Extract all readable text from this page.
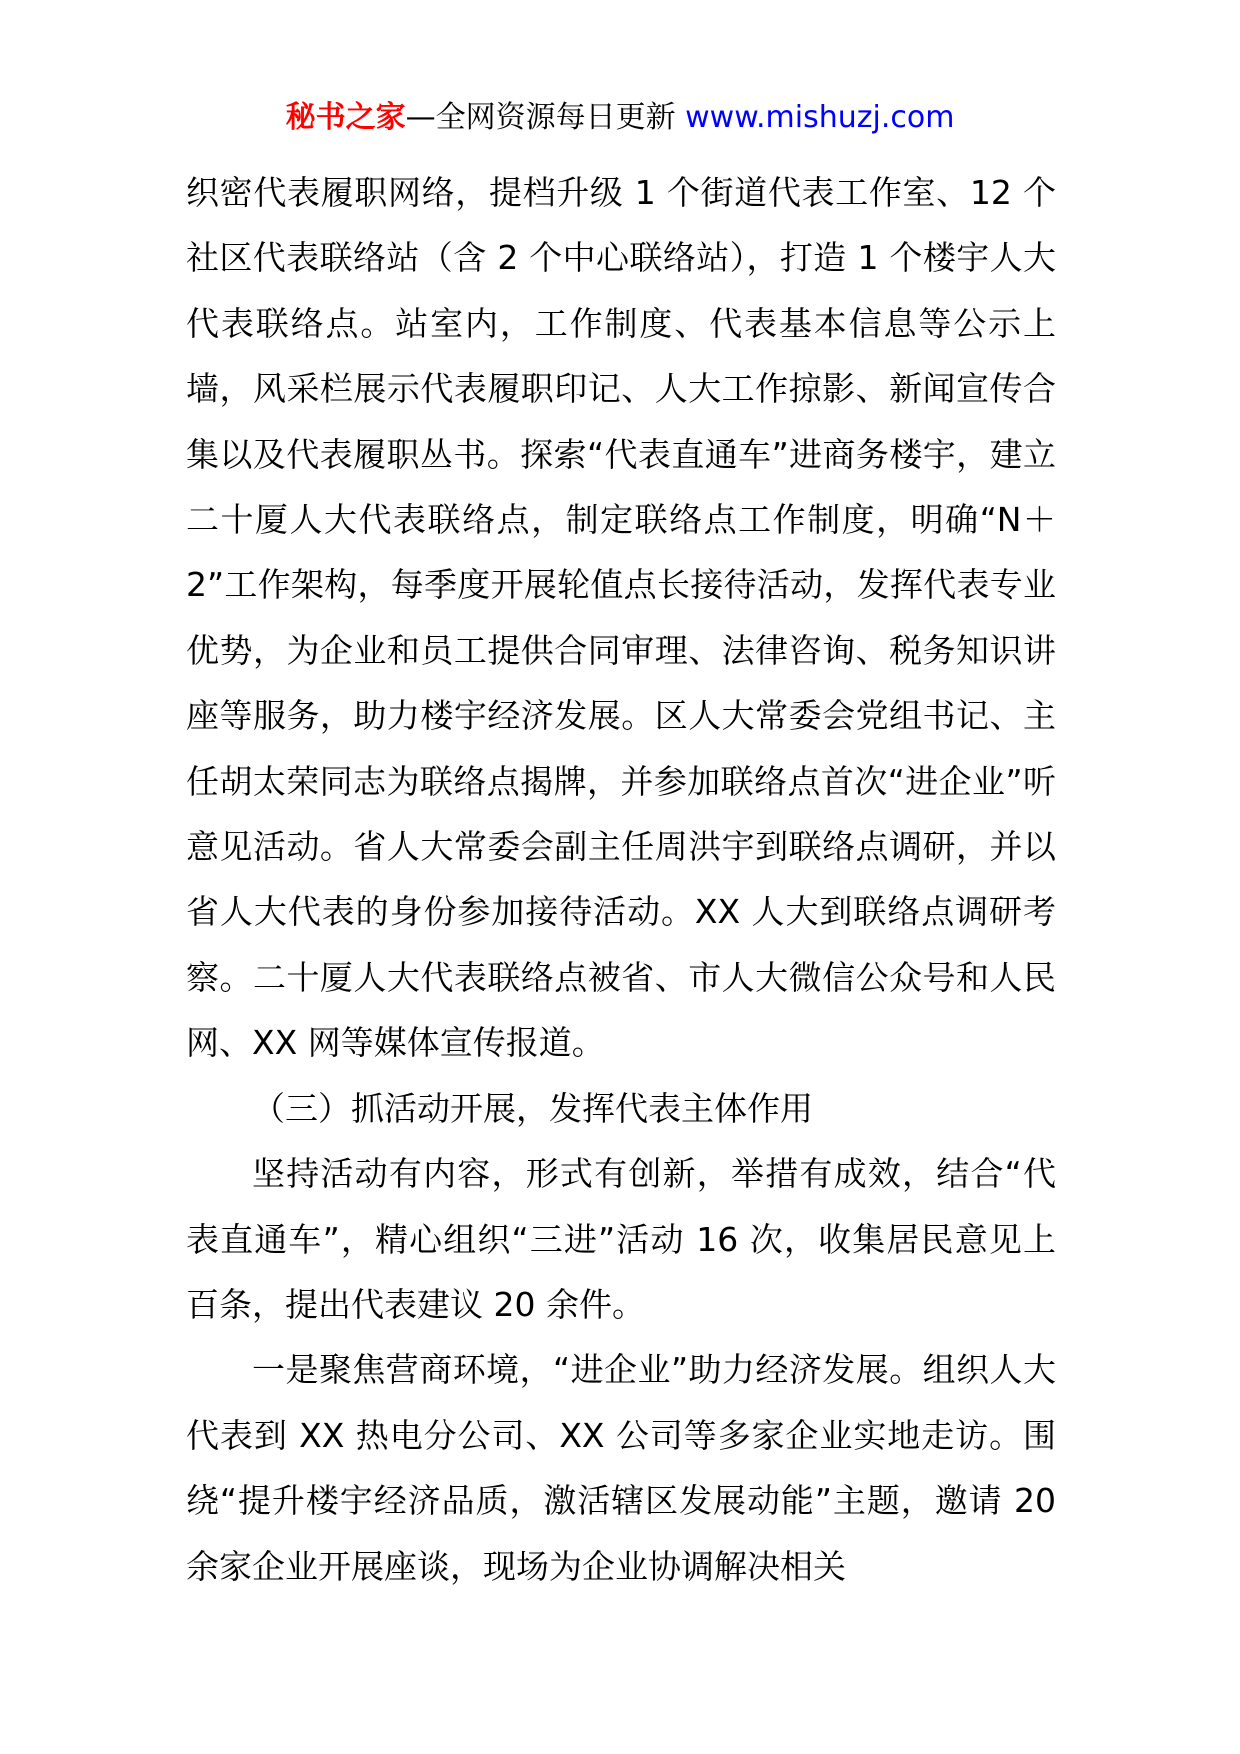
秘书之家—全网资源每日更新 www.mishuzj.com

织密代表履职网络，提档升级 1 个街道代表工作室、12 个社区代表联络站（含 2 个中心联络站），打造 1 个楼宇人大代表联络点。站室内，工作制度、代表基本信息等公示上墙，风采栏展示代表履职印记、人大工作掠影、新闻宣传合集以及代表履职丛书。探索“代表直通车”进商务楼宇，建立二十厦人大代表联络点，制定联络点工作制度，明确“N＋2”工作架构，每季度开展轮值点长接待活动，发挥代表专业优势，为企业和员工提供合同审理、法律咨询、税务知识讲座等服务，助力楼宇经济发展。区人大常委会党组书记、主任胡太荣同志为联络点揭牌，并参加联络点首次“进企业”听意见活动。省人大常委会副主任周洪宇到联络点调研，并以省人大代表的身份参加接待活动。XX 人大到联络点调研考察。二十厦人大代表联络点被省、市人大微信公众号和人民网、XX 网等媒体宣传报道。

（三）抓活动开展，发挥代表主体作用

坚持活动有内容，形式有创新，举措有成效，结合“代表直通车”，精心组织“三进”活动 16 次，收集居民意见上百条，提出代表建议 20 余件。

一是聚焦营商环境，“进企业”助力经济发展。组织人大代表到 XX 热电分公司、XX 公司等多家企业实地走访。围绕“提升楼宇经济品质，激活辖区发展动能”主题，邀请 20 余家企业开展座谈，现场为企业协调解决相关
